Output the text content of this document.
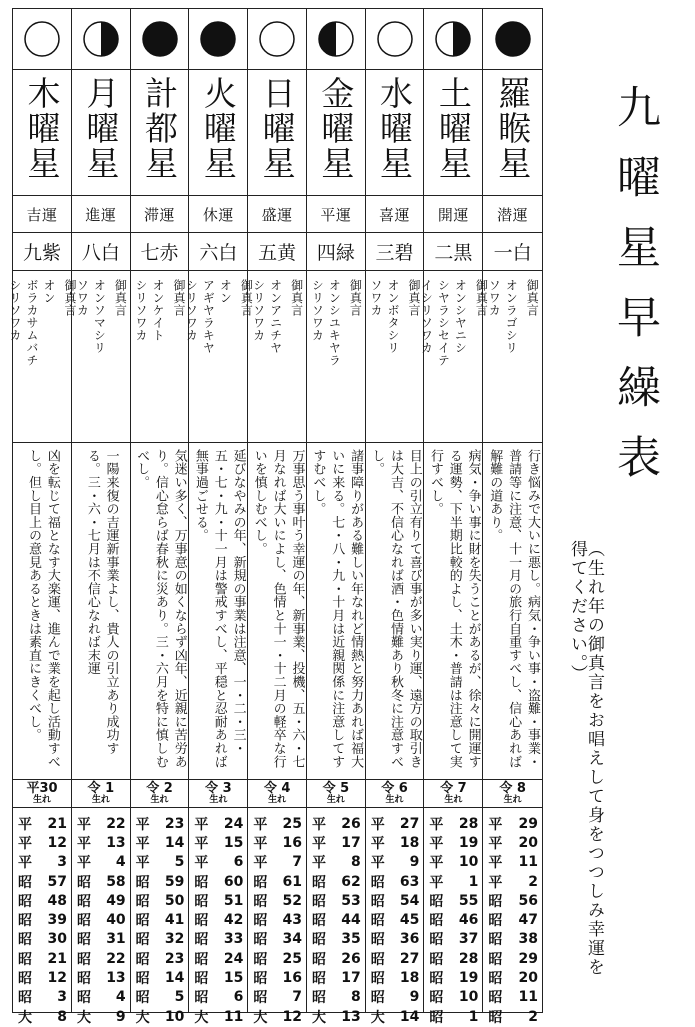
木曜星
吉運
九紫
御真言
オン
ボラカサムバチ
シリソワカ
凶を転じて福となす大楽運、進んで業を起し活動すべし。但し目上の意見あるときは素直にきくべし。
平30
生れ
平 21
平 12
平 3
昭 57
昭 48
昭 39
昭 30
昭 21
昭 12
昭 3
大 8
月曜星
進運
八白
御真言
オンソマシリ
ソワカ
一陽来復の吉運新事業よし、貴人の引立あり成功する。三・六・七月は不信心なれば末運
令 1
生れ
平 22
平 13
平 4
昭 58
昭 49
昭 40
昭 31
昭 22
昭 13
昭 4
大 9
計都星
滞運
七赤
御真言
オンケイト
シリソワカ
気迷い多く、万事意の如くならず凶年、近親に苦労あり。信心怠らば春秋に災あり。三・六月を特に慎しむべし。
令 2
生れ
平 23
平 14
平 5
昭 59
昭 50
昭 41
昭 32
昭 23
昭 14
昭 5
大 10
火曜星
休運
六白
御真言
オン
アギヤラキヤ
シリソワカ
延びなやみの年、新規の事業は注意、一・二・三・五・七・九・十一月は警戒すべし、平穏と忍耐あれば無事過ごせる。
令 3
生れ
平 24
平 15
平 6
昭 60
昭 51
昭 42
昭 33
昭 24
昭 15
昭 6
大 11
日曜星
盛運
五黄
御真言
オンアニチヤ
シリソワカ
万事思う事叶う幸運の年、新事業、投機、五・六・七月なれば大いによし、色情と十一・十二月の軽卒な行いを慎しむべし。
令 4
生れ
平 25
平 16
平 7
昭 61
昭 52
昭 43
昭 34
昭 25
昭 16
昭 7
大 12
金曜星
平運
四緑
御真言
オンシユキヤラ
シリソワカ
諸事障りがある難しい年なれど情熱と努力あれば福大いに来る。七・八・九・十月は近親関係に注意してすすむべし。
令 5
生れ
平 26
平 17
平 8
昭 62
昭 53
昭 44
昭 35
昭 26
昭 17
昭 8
大 13
水曜星
喜運
三碧
御真言
オンボタシリ
ソワカ
目上の引立有りて喜び事が多い実り運、遠方の取引きは大吉、不信心なれば酒・色情難あり秋冬に注意すべし。
令 6
生れ
平 27
平 18
平 9
昭 63
昭 54
昭 45
昭 36
昭 27
昭 18
昭 9
大 14
土曜星
開運
二黒
御真言
オンシヤニシ
シヤラシセイテ
イシリソワカ
病気・争い事に財を失うことがあるが、徐々に開運する運勢、下半期比較的よし、土木・普請は注意して実行すべし。
令 7
生れ
平 28
平 19
平 10
平 1
昭 55
昭 46
昭 37
昭 28
昭 19
昭 10
昭 1
羅睺星
潜運
一白
御真言
オンラゴシリ
ソワカ
行き悩みで大いに悪し。病気・争い事・盗難・事業・普請等に注意、十一月の旅行自重すべし、信心あれば解難の道あり。
令 8
生れ
平 29
平 20
平 11
平 2
昭 56
昭 47
昭 38
昭 29
昭 20
昭 11
昭 2
九曜星早繰表
（生れ年の御真言をお唱えして身をつつしみ幸運を得てください。）
